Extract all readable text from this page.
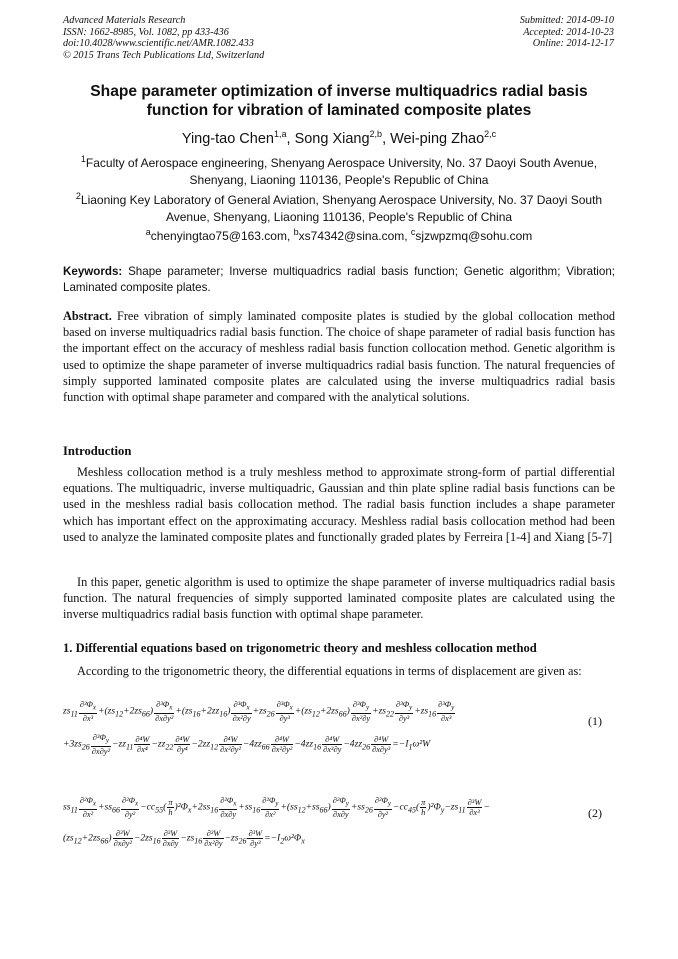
Advanced Materials Research
ISSN: 1662-8985, Vol. 1082, pp 433-436
doi:10.4028/www.scientific.net/AMR.1082.433
© 2015 Trans Tech Publications Ltd, Switzerland
Submitted: 2014-09-10
Accepted: 2014-10-23
Online: 2014-12-17
Shape parameter optimization of inverse multiquadrics radial basis function for vibration of laminated composite plates
Ying-tao Chen$^{1,a}$, Song Xiang$^{2,b}$, Wei-ping Zhao$^{2,c}$
$^1$Faculty of Aerospace engineering, Shenyang Aerospace University, No. 37 Daoyi South Avenue, Shenyang, Liaoning 110136, People's Republic of China
$^2$Liaoning Key Laboratory of General Aviation, Shenyang Aerospace University, No. 37 Daoyi South Avenue, Shenyang, Liaoning 110136, People's Republic of China
$^a$chenyingtao75@163.com, $^b$xs74342@sina.com, $^c$sjzwpzmq@sohu.com
Keywords: Shape parameter; Inverse multiquadrics radial basis function; Genetic algorithm; Vibration; Laminated composite plates.
Abstract. Free vibration of simply laminated composite plates is studied by the global collocation method based on inverse multiquadrics radial basis function. The choice of shape parameter of radial basis function has the important effect on the accuracy of meshless radial basis function collocation method. Genetic algorithm is used to optimize the shape parameter of inverse multiquadrics radial basis function. The natural frequencies of simply supported laminated composite plates are calculated using the inverse multiquadrics radial basis function with optimal shape parameter and compared with the analytical solutions.
Introduction
Meshless collocation method is a truly meshless method to approximate strong-form of partial differential equations. The multiquadric, inverse multiquadric, Gaussian and thin plate spline radial basis functions can be used in the meshless radial basis collocation method. The radial basis function includes a shape parameter which has important effect on the approximating accuracy. Meshless radial basis collocation method had been used to analyze the laminated composite plates and functionally graded plates by Ferreira [1-4] and Xiang [5-7]
In this paper, genetic algorithm is used to optimize the shape parameter of inverse multiquadrics radial basis function. The natural frequencies of simply supported laminated composite plates are calculated using the inverse multiquadrics radial basis function with optimal shape parameter.
1. Differential equations based on trigonometric theory and meshless collocation method
According to the trigonometric theory, the differential equations in terms of displacement are given as:
$zs_{11} \frac{\partial^3\Phi_x}{\text{∂x³}} +(zs_{12}+2zs_{66}) \frac{\partial^3\Phi_x}{\text{∂x∂y²}} +(zs_{16}+2zz_{16}) \frac{\partial^3\Phi_x}{\text{∂x²∂y}} +zs_{26} \frac{\partial^3\Phi_x}{\text{∂y³}} +(zs_{12}+2zs_{66}) \frac{\partial^3\Phi_y}{\text{∂x²∂y}} +zs_{22} \frac{\partial^3\Phi_y}{\text{∂y³}} +zs_{16} \frac{\partial^3\Phi_y}{\text{∂x³}}$
$+3zs_{26} \frac{\partial^3\Phi_y}{\text{∂x∂y²}} -zz_{11} \frac{\text{∂⁴W}}{\text{∂x⁴}} -zz_{22} \frac{\text{∂⁴W}}{\text{∂y⁴}} -2zz_{12} \frac{\text{∂⁴W}}{\text{∂x²∂y²}} -4zz_{66} \frac{\text{∂⁴W}}{\text{∂x²∂y²}} -4zz_{16} \frac{\text{∂⁴W}}{\text{∂x³∂y}} -4zz_{26} \frac{\text{∂⁴W}}{\text{∂x∂y³}} =-I_1\omega^2W$
(1)
$ss_{11} \frac{\partial^2\Phi_x}{\text{∂x²}} +ss_{66} \frac{\partial^2\Phi_x}{\text{∂y²}} -cc_{55}( \frac{\pi}{h} )^2\Phi_x+2ss_{16} \frac{\partial^2\Phi_x}{\partial x\partial y} +ss_{16} \frac{\partial^2\Phi_y}{\text{∂x²}} +(ss_{12}+ss_{66}) \frac{\partial^2\Phi_y}{\partial x\partial y} +ss_{26} \frac{\partial^2\Phi_y}{\text{∂y²}} -cc_{45}( \frac{\pi}{h} )^2\Phi_y-zs_{11} \frac{\text{∂³W}}{\text{∂x³}}$ −
$(zs_{12}+2zs_{66}) \frac{\text{∂³W}}{\text{∂x∂y²}} -2zs_{16} \frac{\text{∂³W}}{\partial x\partial y} -zs_{16} \frac{\text{∂³W}}{\text{∂x²∂y}} -zs_{26} \frac{\text{∂³W}}{\text{∂y³}} =-I_2\omega^2\Phi_x$
(2)
